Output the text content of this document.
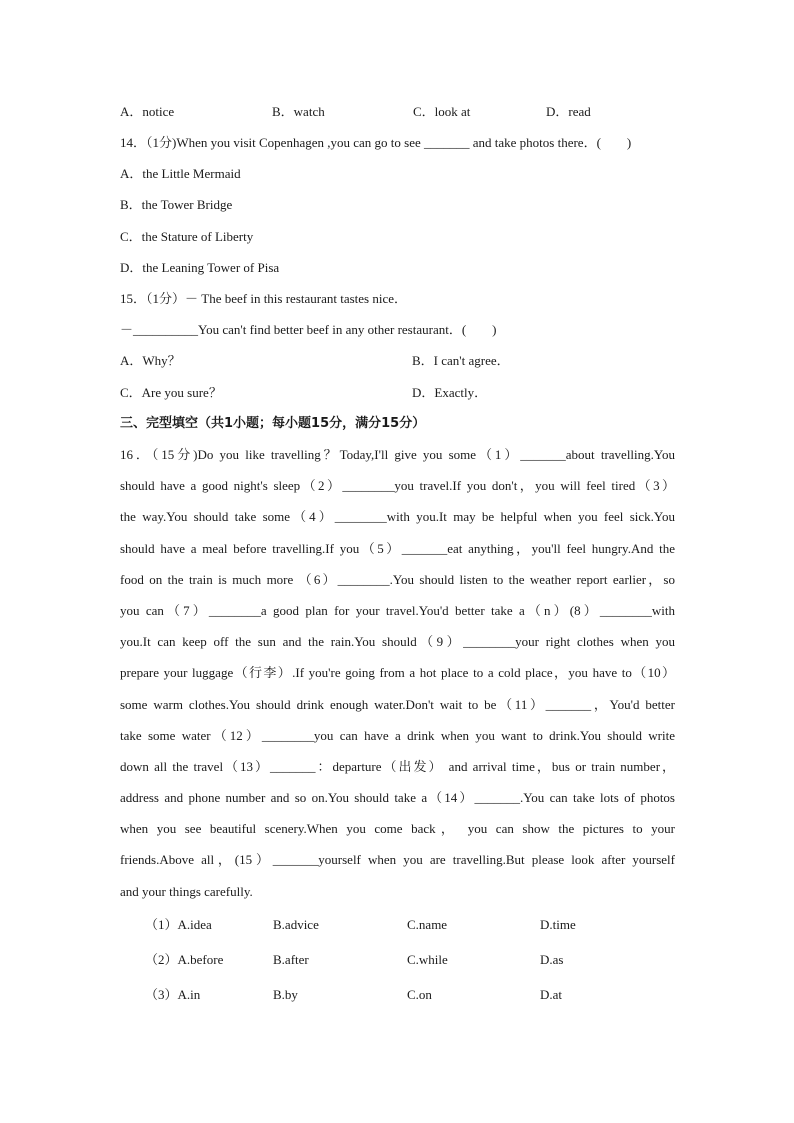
A．notice	B．watch	C．look at	D．read
14．（1分)When you visit Copenhagen ,you can go to see _______ and take photos there．(　　)
A．the Little Mermaid
B．the Tower Bridge
C．the Stature of Liberty
D．the Leaning Tower of Pisa
15．（1分）－ The beef in this restaurant tastes nice．
－__________You can't find better beef in any other restaurant．(　　)
A．Why？	B．I can't agree．
C．Are you sure？	D．Exactly．
三、完型填空（共1小题；每小题15分，满分15分）
16．（15分)Do you like travelling？Today,I'll give you some（1）_______about travelling.You
should have a good night's sleep（2）________you travel.If you don't，you will feel tired（3）
the way.You should take some（4）________with you.It may be helpful when you feel sick.You
should have a meal before travelling.If you（5）_______eat anything，you'll feel hungry.And the
food on the train is much more （6）________.You should listen to the weather report earlier，so
you can（7）________a good plan for your travel.You'd better take a（n）(8）________with
you.It can keep off the sun and the rain.You should（9）________your right clothes when you
prepare your luggage（行李）.If you're going from a hot place to a cold place，you have to（10）
some warm clothes.You should drink enough water.Don't wait to be（11）_______，You'd better
take some water（12）________you can have a drink when you want to drink.You should write
down all the travel（13）_______：departure（出发） and arrival time，bus or train number，
address and phone number and so on.You should take a（14）_______.You can take lots of photos
when you see beautiful scenery.When you come back， you can show the pictures to your
friends.Above all，(15）_______yourself when you are travelling.But please look after yourself
and your things carefully.
（1）A.idea	B.advice	C.name	D.time
（2）A.before	B.after	C.while	D.as
（3）A.in	B.by	C.on	D.at
